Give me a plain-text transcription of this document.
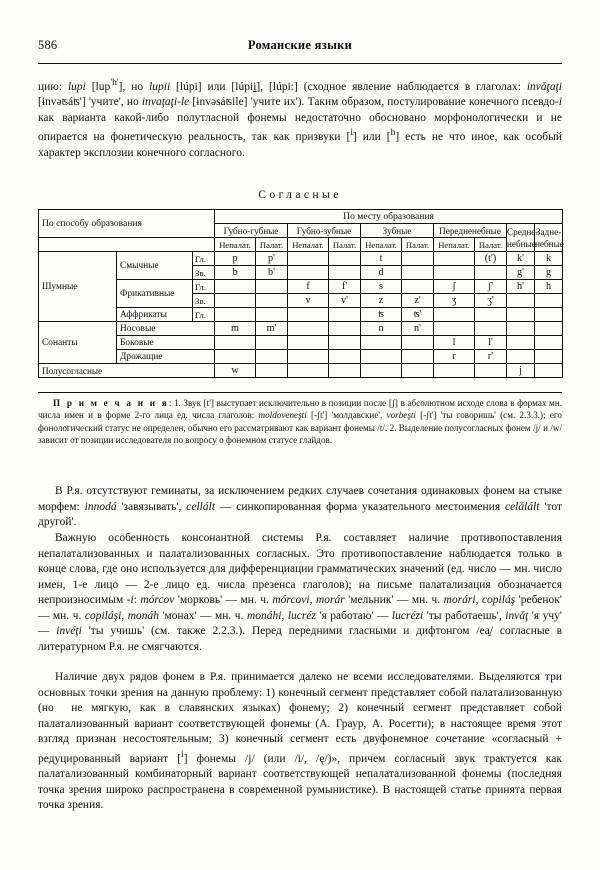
586	Романские языки

цию: lupi [lup$^{'h'}$], но lupii [lúpi] или [lúpii], [lúpi:] (сходное явление наблюдается в глаголах: invăţaţi [ɨnvəʦáʦ'] 'учите', но invaţaţi-le [ɨnvəsáʦile] 'учите их'). Таким образом, постулирование конечного псевдо-i как варианта какой-либо полутласной фонемы недостаточно обосновано морфонологически и не опирается на фонетическую реальность, так как призвуки [$^i$] или [$^h$] есть не что иное, как особый характер эксплозии конечного согласного.

Согласные
По способу образования			По месту образования									
			Губно-губные		Губно-зубные		Зубные		Передненебные		Средне-
небные	Задне-
небные
			Непалат.	Палат.	Непалат.	Палат.	Непалат.	Палат.	Непалат.	Палат.		
Шумные	Смычные	Гл.	p	p'			t			(t')	k'	k
		Зв.	b	b'			d				g'	g
	Фрикативные	Гл.			f	f'	s		ʃ	ʃ'	h'	h
		Зв.			v	v'	z	z'	ʒ	ʒ'		
	Аффрикаты	Гл.					ʦ	ʦ'				
Сонанты	Носовые		m	m'			n	n'				
	Боковые								l	l'		
	Дрожащие								r	r'		
Полусогласные			w								j	

П р и м е ч а н и я: 1. Звук [t'] выступает исключительно в позиции после [ʃ] в абсолютном исходе слова в формах мн. числа имен и в форме 2-го лица ед. числа глаголов: moldoveneşti [-ʃt'] 'молдавские', vorbeşti [-ʃt'] 'ты говоришь' (см. 2.3.3.); его фонологический статус не определен, обычно его рассматривают как вариант фонемы /t/. 2. Выделение полусогласных фонем /j/ и /w/ зависит от позиции исследователя по вопросу о фонемном статусе глайдов.

В Р.я. отсутствуют геминаты, за исключением редких случаев сочетания одинаковых фонем на стыке морфем: innodá 'завязывать', cellált — синкопированная форма указательного местоимения celălált 'тот другой'.

Важную особенность консонантной системы Р.я. составляет наличие противопоставления непалатализованных и палатализованных согласных. Это противопоставление наблюдается только в конце слова, где оно используется для дифференциации грамматических значений (ед. число — мн. число имен, 1-е лицо — 2-е лицо ед. числа презенса глаголов); на письме палатализация обозначается непроизносимым -i: mórcov 'морковь' — мн. ч. mórcovi, morár 'мельник' — мн. ч. morári, copiláş 'ребенок' — мн. ч. copiláşi, monáh 'монах' — мн. ч. monáhi, lucréz 'я работаю' — lucrézi 'ты работаешь', invăţ 'я учу' — invéţi 'ты учишь' (см. также 2.2.3.). Перед передними гласными и дифтонгом /ea̯/ согласные в литературном Р.я. не смягчаются.

Наличие двух рядов фонем в Р.я. принимается далеко не всеми исследователями. Выделяются три основных точки зрения на данную проблему: 1) конечный сегмент представляет собой палатализованную (но  не мягкую, как в славянских языках) фонему; 2) конечный сегмент представляет собой палатализованный вариант соответствующей фонемы (А. Граур, А. Росетти); в настоящее время этот взгляд признан несостоятельным; 3) конечный сегмент есть двуфонемное сочетание «согласный + редуцированный вариант [$^i$] фонемы /j/ (или /i/, /ę/)», причем согласный звук трактуется как палатализованный комбинаторный вариант соответствующей непалатализованной фонемы (последняя точка зрения широко распространена в современной румынистике). В настоящей статье принята первая точка зрения.
